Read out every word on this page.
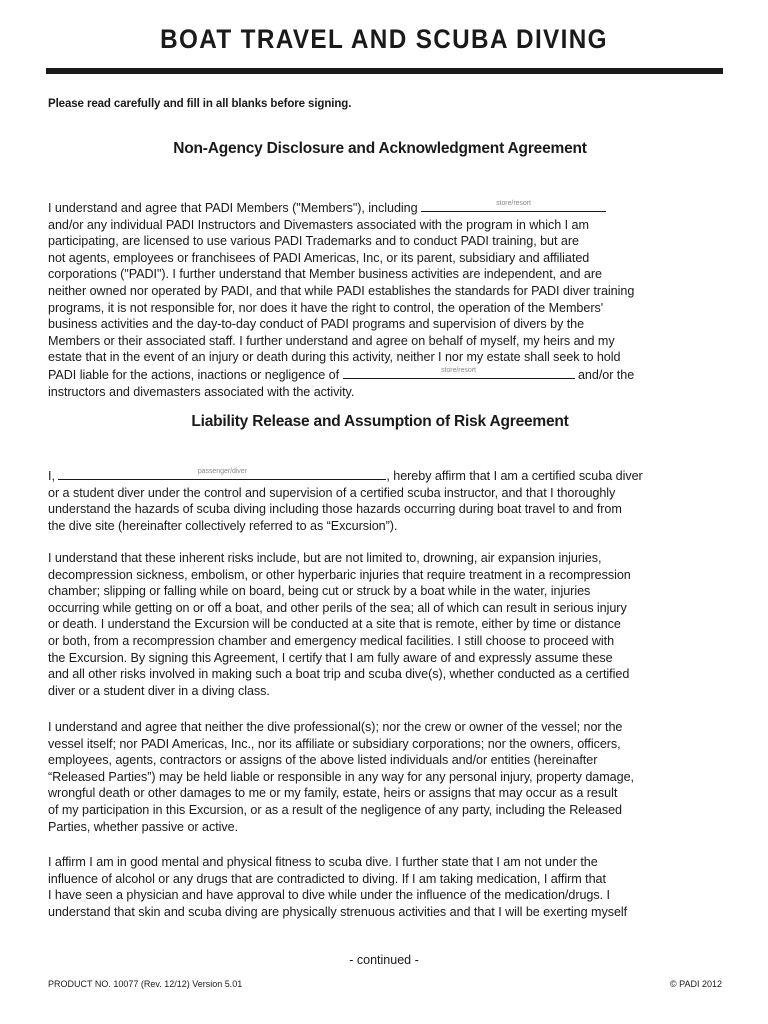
BOAT TRAVEL AND SCUBA DIVING
Please read carefully and fill in all blanks before signing.
Non-Agency Disclosure and Acknowledgment Agreement
I understand and agree that PADI Members ("Members"), including	store/resort
and/or any individual PADI Instructors and Divemasters associated with the program in which I am
participating, are licensed to use various PADI Trademarks and to conduct PADI training, but are
not agents, employees or franchisees of PADI Americas, Inc, or its parent, subsidiary and affiliated
corporations ("PADI"). I further understand that Member business activities are independent, and are
neither owned nor operated by PADI, and that while PADI establishes the standards for PADI diver training
programs, it is not responsible for, nor does it have the right to control, the operation of the Members'
business activities and the day-to-day conduct of PADI programs and supervision of divers by the
Members or their associated staff. I further understand and agree on behalf of myself, my heirs and my
estate that in the event of an injury or death during this activity, neither I nor my estate shall seek to hold
PADI liable for the actions, inactions or negligence of	store/resort	and/or the
instructors and divemasters associated with the activity.
Liability Release and Assumption of Risk Agreement
I,	passenger/diver	, hereby affirm that I am a certified scuba diver
or a student diver under the control and supervision of a certified scuba instructor, and that I thoroughly
understand the hazards of scuba diving including those hazards occurring during boat travel to and from
the dive site (hereinafter collectively referred to as “Excursion”).
I understand that these inherent risks include, but are not limited to, drowning, air expansion injuries,
decompression sickness, embolism, or other hyperbaric injuries that require treatment in a recompression
chamber; slipping or falling while on board, being cut or struck by a boat while in the water, injuries
occurring while getting on or off a boat, and other perils of the sea; all of which can result in serious injury
or death. I understand the Excursion will be conducted at a site that is remote, either by time or distance
or both, from a recompression chamber and emergency medical facilities. I still choose to proceed with
the Excursion. By signing this Agreement, I certify that I am fully aware of and expressly assume these
and all other risks involved in making such a boat trip and scuba dive(s), whether conducted as a certified
diver or a student diver in a diving class.
I understand and agree that neither the dive professional(s); nor the crew or owner of the vessel; nor the
vessel itself; nor PADI Americas, Inc., nor its affiliate or subsidiary corporations; nor the owners, officers,
employees, agents, contractors or assigns of the above listed individuals and/or entities (hereinafter
“Released Parties”) may be held liable or responsible in any way for any personal injury, property damage,
wrongful death or other damages to me or my family, estate, heirs or assigns that may occur as a result
of my participation in this Excursion, or as a result of the negligence of any party, including the Released
Parties, whether passive or active.
I affirm I am in good mental and physical fitness to scuba dive. I further state that I am not under the
influence of alcohol or any drugs that are contradicted to diving. If I am taking medication, I affirm that
I have seen a physician and have approval to dive while under the influence of the medication/drugs. I
understand that skin and scuba diving are physically strenuous activities and that I will be exerting myself
- continued -
PRODUCT NO. 10077 (Rev. 12/12) Version 5.01	© PADI 2012
